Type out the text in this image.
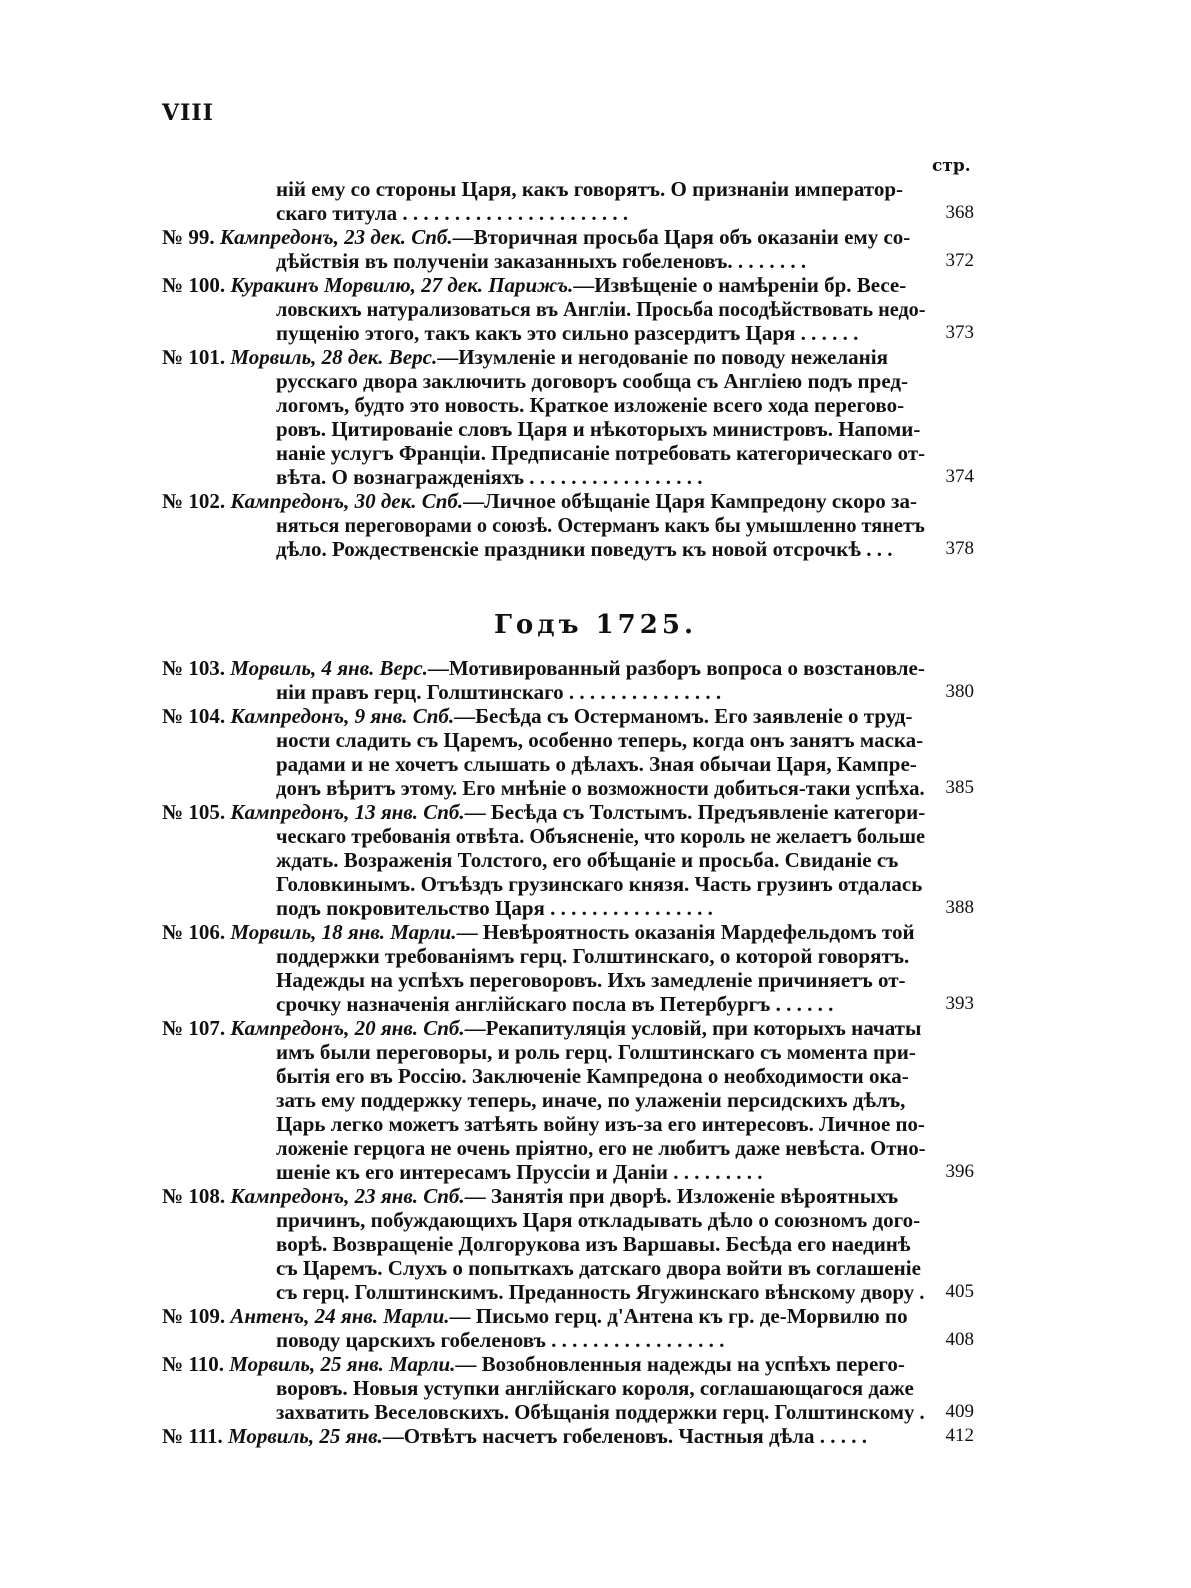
VIII
стр.
ній ему со стороны Царя, какъ говорятъ. О признаніи император-
скаго титула . . . . . . . . . . . . . . . . . . . . . .	368
№ 99. Кампредонъ, 23 дек. Спб.—Вторичная просьба Царя объ оказаніи ему со-
дѣйствія въ полученіи заказанныхъ гобеленовъ. . . . . . . .	372
№ 100. Куракинъ Морвилю, 27 дек. Парижъ.—Извѣщеніе о намѣреніи бр. Весе-
ловскихъ натурализоваться въ Англіи. Просьба посодѣйствовать недо-
пущенію этого, такъ какъ это сильно разсердитъ Царя . . . . . .	373
№ 101. Морвиль, 28 дек. Верс.—Изумленіе и негодованіе по поводу нежеланія
русскаго двора заключить договоръ сообща съ Англіею подъ пред-
логомъ, будто это новость. Краткое изложеніе всего хода перегово-
ровъ. Цитированіе словъ Царя и нѣкоторыхъ министровъ. Напоми-
наніе услугъ Франціи. Предписаніе потребовать категорическаго от-
вѣта. О вознагражденіяхъ . . . . . . . . . . . . . . . . .	374
№ 102. Кампредонъ, 30 дек. Спб.—Личное обѣщаніе Царя Кампредону скоро за-
няться переговорами о союзѣ. Остерманъ какъ бы умышленно тянетъ
дѣло. Рождественскіе праздники поведутъ къ новой отсрочкѣ . . .	378
Годъ 1725.
№ 103. Морвиль, 4 янв. Верс.—Мотивированный разборъ вопроса о возстановле-
ніи правъ герц. Голштинскаго . . . . . . . . . . . . . . .	380
№ 104. Кампредонъ, 9 янв. Спб.—Бесѣда съ Остерманомъ. Его заявленіе о труд-
ности сладить съ Царемъ, особенно теперь, когда онъ занятъ маска-
радами и не хочетъ слышать о дѣлахъ. Зная обычаи Царя, Кампре-
донъ вѣритъ этому. Его мнѣніе о возможности добиться-таки успѣха.	385
№ 105. Кампредонъ, 13 янв. Спб.— Бесѣда съ Толстымъ. Предъявленіе категори-
ческаго требованія отвѣта. Объясненіе, что король не желаетъ больше
ждать. Возраженія Толстого, его обѣщаніе и просьба. Свиданіе съ
Головкинымъ. Отъѣздъ грузинскаго князя. Часть грузинъ отдалась
подъ покровительство Царя . . . . . . . . . . . . . . . .	388
№ 106. Морвиль, 18 янв. Марли.— Невѣроятность оказанія Мардефельдомъ той
поддержки требованіямъ герц. Голштинскаго, о которой говорятъ.
Надежды на успѣхъ переговоровъ. Ихъ замедленіе причиняетъ от-
срочку назначенія англійскаго посла въ Петербургъ . . . . . .	393
№ 107. Кампредонъ, 20 янв. Спб.—Рекапитуляція условій, при которыхъ начаты
имъ были переговоры, и роль герц. Голштинскаго съ момента при-
бытія его въ Россію. Заключеніе Кампредона о необходимости ока-
зать ему поддержку теперь, иначе, по улаженіи персидскихъ дѣлъ,
Царь легко можетъ затѣять войну изъ-за его интересовъ. Личное по-
ложеніе герцога не очень пріятно, его не любитъ даже невѣста. Отно-
шеніе къ его интересамъ Пруссіи и Даніи . . . . . . . . .	396
№ 108. Кампредонъ, 23 янв. Спб.— Занятія при дворѣ. Изложеніе вѣроятныхъ
причинъ, побуждающихъ Царя откладывать дѣло о союзномъ дого-
ворѣ. Возвращеніе Долгорукова изъ Варшавы. Бесѣда его наединѣ
съ Царемъ. Слухъ о попыткахъ датскаго двора войти въ соглашеніе
съ герц. Голштинскимъ. Преданность Ягужинскаго вѣнскому двору .	405
№ 109. Антенъ, 24 янв. Марли.— Письмо герц. д'Антена къ гр. де-Морвилю по
поводу царскихъ гобеленовъ . . . . . . . . . . . . . . . . .	408
№ 110. Морвиль, 25 янв. Марли.— Возобновленныя надежды на успѣхъ перего-
воровъ. Новыя уступки англійскаго короля, соглашающагося даже
захватить Веселовскихъ. Обѣщанія поддержки герц. Голштинскому .	409
№ 111. Морвиль, 25 янв.—Отвѣтъ насчетъ гобеленовъ. Частныя дѣла . . . . .	412
